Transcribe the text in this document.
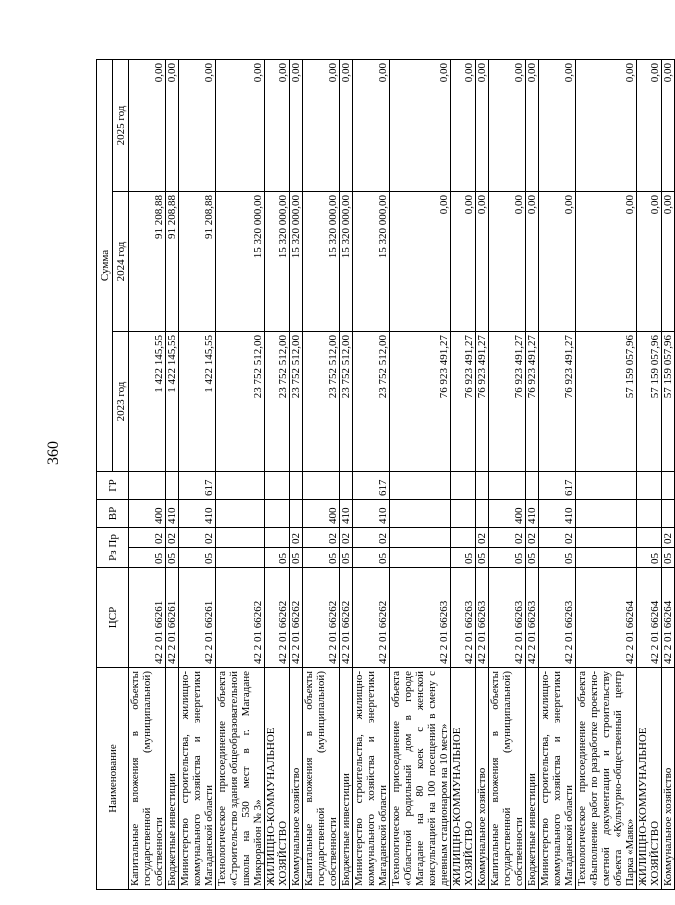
360
Наименование	ЦСР	Рз Пр		ВР	ГР	Сумма		
						2023 год	2024 год	2025 год
Капитальные вложения в объекты государственной (муниципальной) собственности	42 2 01 66261	05	02	400		1 422 145,55	91 208,88	0,00
Бюджетные инвестиции	42 2 01 66261	05	02	410		1 422 145,55	91 208,88	0,00
Министерство строительства, жилищно-коммунального хозяйства и энергетики Магаданской области	42 2 01 66261	05	02	410	617	1 422 145,55	91 208,88	0,00
Технологическое присоединение объекта «Строительство здания общеобразовательной школы на 530 мест в г. Магадане Микрорайон № 3»	42 2 01 66262					23 752 512,00	15 320 000,00	0,00
ЖИЛИЩНО-КОММУНАЛЬНОЕ ХОЗЯЙСТВО	42 2 01 66262	05				23 752 512,00	15 320 000,00	0,00
Коммунальное хозяйство	42 2 01 66262	05	02			23 752 512,00	15 320 000,00	0,00
Капитальные вложения в объекты государственной (муниципальной) собственности	42 2 01 66262	05	02	400		23 752 512,00	15 320 000,00	0,00
Бюджетные инвестиции	42 2 01 66262	05	02	410		23 752 512,00	15 320 000,00	0,00
Министерство строительства, жилищно-коммунального хозяйства и энергетики Магаданской области	42 2 01 66262	05	02	410	617	23 752 512,00	15 320 000,00	0,00
Технологическое присоединение объекта «Областной родильный дом в городе Магадане на 80 коек с женской консультацией на 100 посещений в смену с дневным стационаром на 10 мест»	42 2 01 66263					76 923 491,27	0,00	0,00
ЖИЛИЩНО-КОММУНАЛЬНОЕ ХОЗЯЙСТВО	42 2 01 66263	05				76 923 491,27	0,00	0,00
Коммунальное хозяйство	42 2 01 66263	05	02			76 923 491,27	0,00	0,00
Капитальные вложения в объекты государственной (муниципальной) собственности	42 2 01 66263	05	02	400		76 923 491,27	0,00	0,00
Бюджетные инвестиции	42 2 01 66263	05	02	410		76 923 491,27	0,00	0,00
Министерство строительства, жилищно-коммунального хозяйства и энергетики Магаданской области	42 2 01 66263	05	02	410	617	76 923 491,27	0,00	0,00
Технологическое присоединение объекта «Выполнение работ по разработке проектно-сметной документации и строительству объекта «Культурно-общественный центр Парка «Маяк»	42 2 01 66264					57 159 057,96	0,00	0,00
ЖИЛИЩНО-КОММУНАЛЬНОЕ ХОЗЯЙСТВО	42 2 01 66264	05				57 159 057,96	0,00	0,00
Коммунальное хозяйство	42 2 01 66264	05	02			57 159 057,96	0,00	0,00
